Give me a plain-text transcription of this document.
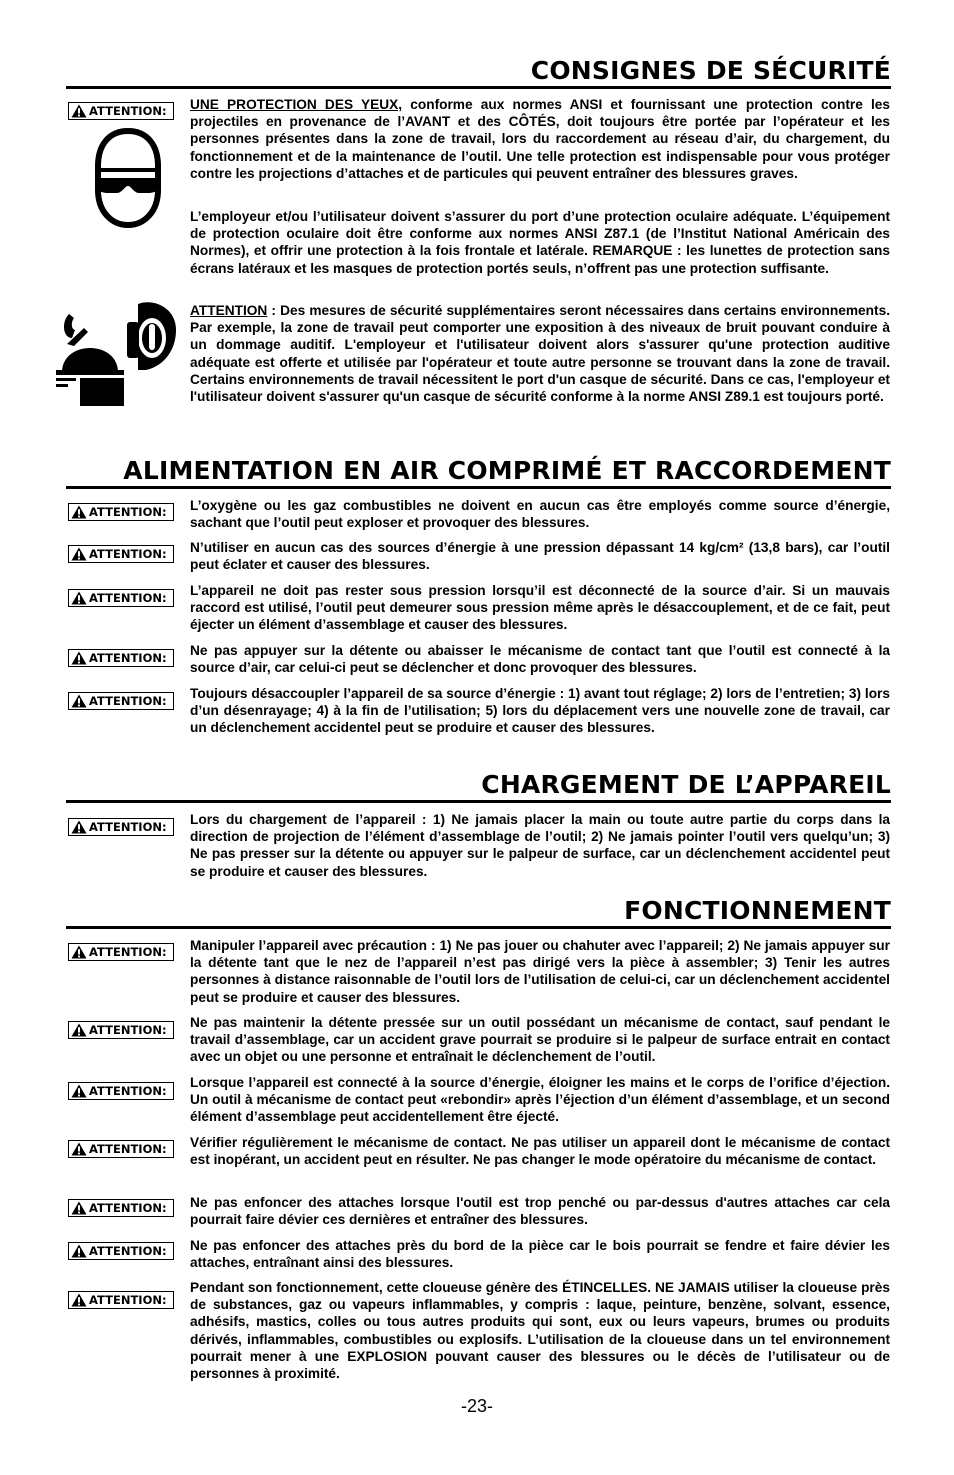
CONSIGNES DE SÉCURITÉ
ATTENTION: UNE PROTECTION DES YEUX, conforme aux normes ANSI et fournissant une protection contre les projectiles en provenance de l’AVANT et des CÔTÉS, doit toujours être portée par l’opérateur et les personnes présentes dans la zone de travail, lors du raccordement au réseau d’air, du chargement, du fonctionnement et de la maintenance de l’outil. Une telle protection est indispensable pour vous protéger contre les projections d’attaches et de particules qui peuvent entraîner des blessures graves.
L’employeur et/ou l’utilisateur doivent s’assurer du port d’une protection oculaire adéquate. L’équipement de protection oculaire doit être conforme aux normes ANSI Z87.1 (de l’Institut National Américain des Normes), et offrir une protection à la fois frontale et latérale. REMARQUE : les lunettes de protection sans écrans latéraux et les masques de protection portés seuls, n’offrent pas une protection suffisante.
ATTENTION : Des mesures de sécurité supplémentaires seront nécessaires dans certains environnements. Par exemple, la zone de travail peut comporter une exposition à des niveaux de bruit pouvant conduire à un dommage auditif. L'employeur et l'utilisateur doivent alors s'assurer qu'une protection auditive adéquate est offerte et utilisée par l'opérateur et toute autre personne se trouvant dans la zone de travail. Certains environnements de travail nécessitent le port d'un casque de sécurité. Dans ce cas, l'employeur et l'utilisateur doivent s'assurer qu'un casque de sécurité conforme à la norme ANSI Z89.1 est toujours porté.
ALIMENTATION EN AIR COMPRIMÉ ET RACCORDEMENT
ATTENTION: L’oxygène ou les gaz combustibles ne doivent en aucun cas être employés comme source d’énergie, sachant que l’outil peut exploser et provoquer des blessures.
ATTENTION: N’utiliser en aucun cas des sources d’énergie à une pression dépassant 14 kg/cm² (13,8 bars), car l’outil peut éclater et causer des blessures.
ATTENTION: L’appareil ne doit pas rester sous pression lorsqu’il est déconnecté de la source d’air. Si un mauvais raccord est utilisé, l’outil peut demeurer sous pression même après le désaccouplement, et de ce fait, peut éjecter un élément d’assemblage et causer des blessures.
ATTENTION: Ne pas appuyer sur la détente ou abaisser le mécanisme de contact tant que l’outil est connecté à la source d’air, car celui-ci peut se déclencher et donc provoquer des blessures.
ATTENTION: Toujours désaccoupler l’appareil de sa source d’énergie : 1) avant tout réglage; 2) lors de l’entretien; 3) lors d’un désenrayage; 4) à la fin de l’utilisation; 5) lors du déplacement vers une nouvelle zone de travail, car un déclenchement accidentel peut se produire et causer des blessures.
CHARGEMENT DE L’APPAREIL
ATTENTION: Lors du chargement de l’appareil : 1) Ne jamais placer la main ou toute autre partie du corps dans la direction de projection de l’élément d’assemblage de l’outil; 2) Ne jamais pointer l’outil vers quelqu’un; 3) Ne pas presser sur la détente ou appuyer sur le palpeur de surface, car un déclenchement accidentel peut se produire et causer des blessures.
FONCTIONNEMENT
ATTENTION: Manipuler l’appareil avec précaution : 1) Ne pas jouer ou chahuter avec l’appareil; 2) Ne jamais appuyer sur la détente tant que le nez de l’appareil n’est pas dirigé vers la pièce à assembler; 3) Tenir les autres personnes à distance raisonnable de l’outil lors de l’utilisation de celui-ci, car un déclenchement accidentel peut se produire et causer des blessures.
ATTENTION: Ne pas maintenir la détente pressée sur un outil possédant un mécanisme de contact, sauf pendant le travail d’assemblage, car un accident grave pourrait se produire si le palpeur de surface entrait en contact avec un objet ou une personne et entraînait le déclenchement de l’outil.
ATTENTION:
Lorsque l’appareil est connecté à la source d’énergie, éloigner les mains et le corps de l’orifice d’éjection. Un outil à mécanisme de contact peut «rebondir» après l’éjection d’un élément d’assemblage, et un second élément d’assemblage peut accidentellement être éjecté.
ATTENTION: Vérifier régulièrement le mécanisme de contact. Ne pas utiliser un appareil dont le mécanisme de contact est inopérant, un accident peut en résulter. Ne pas changer le mode opératoire du mécanisme de contact.
ATTENTION: Ne pas enfoncer des attaches lorsque l'outil est trop penché ou par-dessus d'autres attaches car cela pourrait faire dévier ces dernières et entraîner des blessures.
ATTENTION: Ne pas enfoncer des attaches près du bord de la pièce car le bois pourrait se fendre et faire dévier les attaches, entraînant ainsi des blessures.
ATTENTION:
Pendant son fonctionnement, cette cloueuse génère des ÉTINCELLES. NE JAMAIS utiliser la cloueuse près de substances, gaz ou vapeurs inflammables, y compris : laque, peinture, benzène, solvant, essence, adhésifs, mastics, colles ou tous autres produits qui sont, eux ou leurs vapeurs, brumes ou produits dérivés, inflammables, combustibles ou explosifs. L’utilisation de la cloueuse dans un tel environnement pourrait mener à une EXPLOSION pouvant causer des blessures ou le décès de l’utilisateur ou de personnes à proximité.
-23-
